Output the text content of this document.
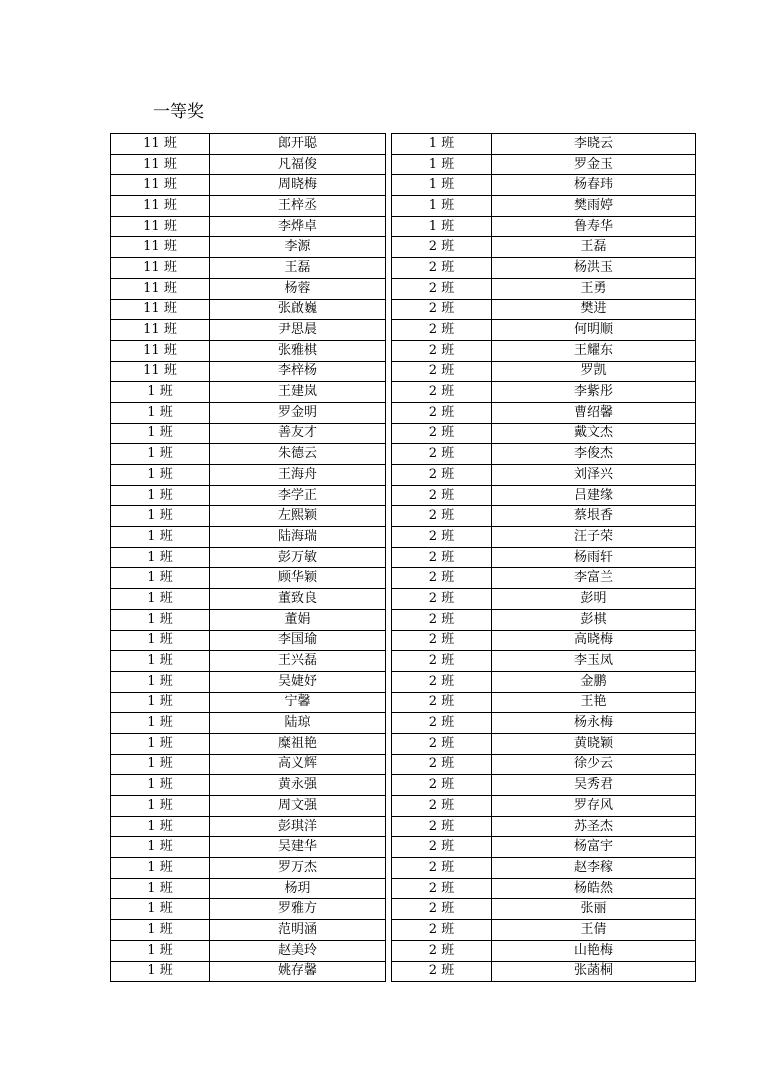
一等奖
11 班	郎开聪
11 班	凡福俊
11 班	周晓梅
11 班	王梓丞
11 班	李烨卓
11 班	李源
11 班	王磊
11 班	杨蓉
11 班	张啟巍
11 班	尹思晨
11 班	张雅棋
11 班	李梓杨
1 班	王建岚
1 班	罗金明
1 班	善友才
1 班	朱德云
1 班	王海舟
1 班	李学正
1 班	左熙颖
1 班	陆海瑞
1 班	彭万敏
1 班	顾华颖
1 班	董致良
1 班	董娟
1 班	李国瑜
1 班	王兴磊
1 班	吴婕妤
1 班	宁馨
1 班	陆琼
1 班	糜祖艳
1 班	高义辉
1 班	黄永强
1 班	周文强
1 班	彭琪洋
1 班	吴建华
1 班	罗万杰
1 班	杨玥
1 班	罗雅方
1 班	范明涵
1 班	赵美玲
1 班	姚存馨
1 班	李晓云
1 班	罗金玉
1 班	杨春玮
1 班	樊雨婷
1 班	鲁寿华
2 班	王磊
2 班	杨洪玉
2 班	王勇
2 班	樊进
2 班	何明顺
2 班	王耀东
2 班	罗凯
2 班	李紫彤
2 班	曹绍馨
2 班	戴文杰
2 班	李俊杰
2 班	刘泽兴
2 班	吕建缘
2 班	蔡垠香
2 班	汪子荣
2 班	杨雨轩
2 班	李富兰
2 班	彭明
2 班	彭棋
2 班	高晓梅
2 班	李玉凤
2 班	金鹏
2 班	王艳
2 班	杨永梅
2 班	黄晓颖
2 班	徐少云
2 班	吴秀君
2 班	罗存风
2 班	苏圣杰
2 班	杨富宇
2 班	赵李稼
2 班	杨皓然
2 班	张丽
2 班	王倩
2 班	山艳梅
2 班	张菡桐
